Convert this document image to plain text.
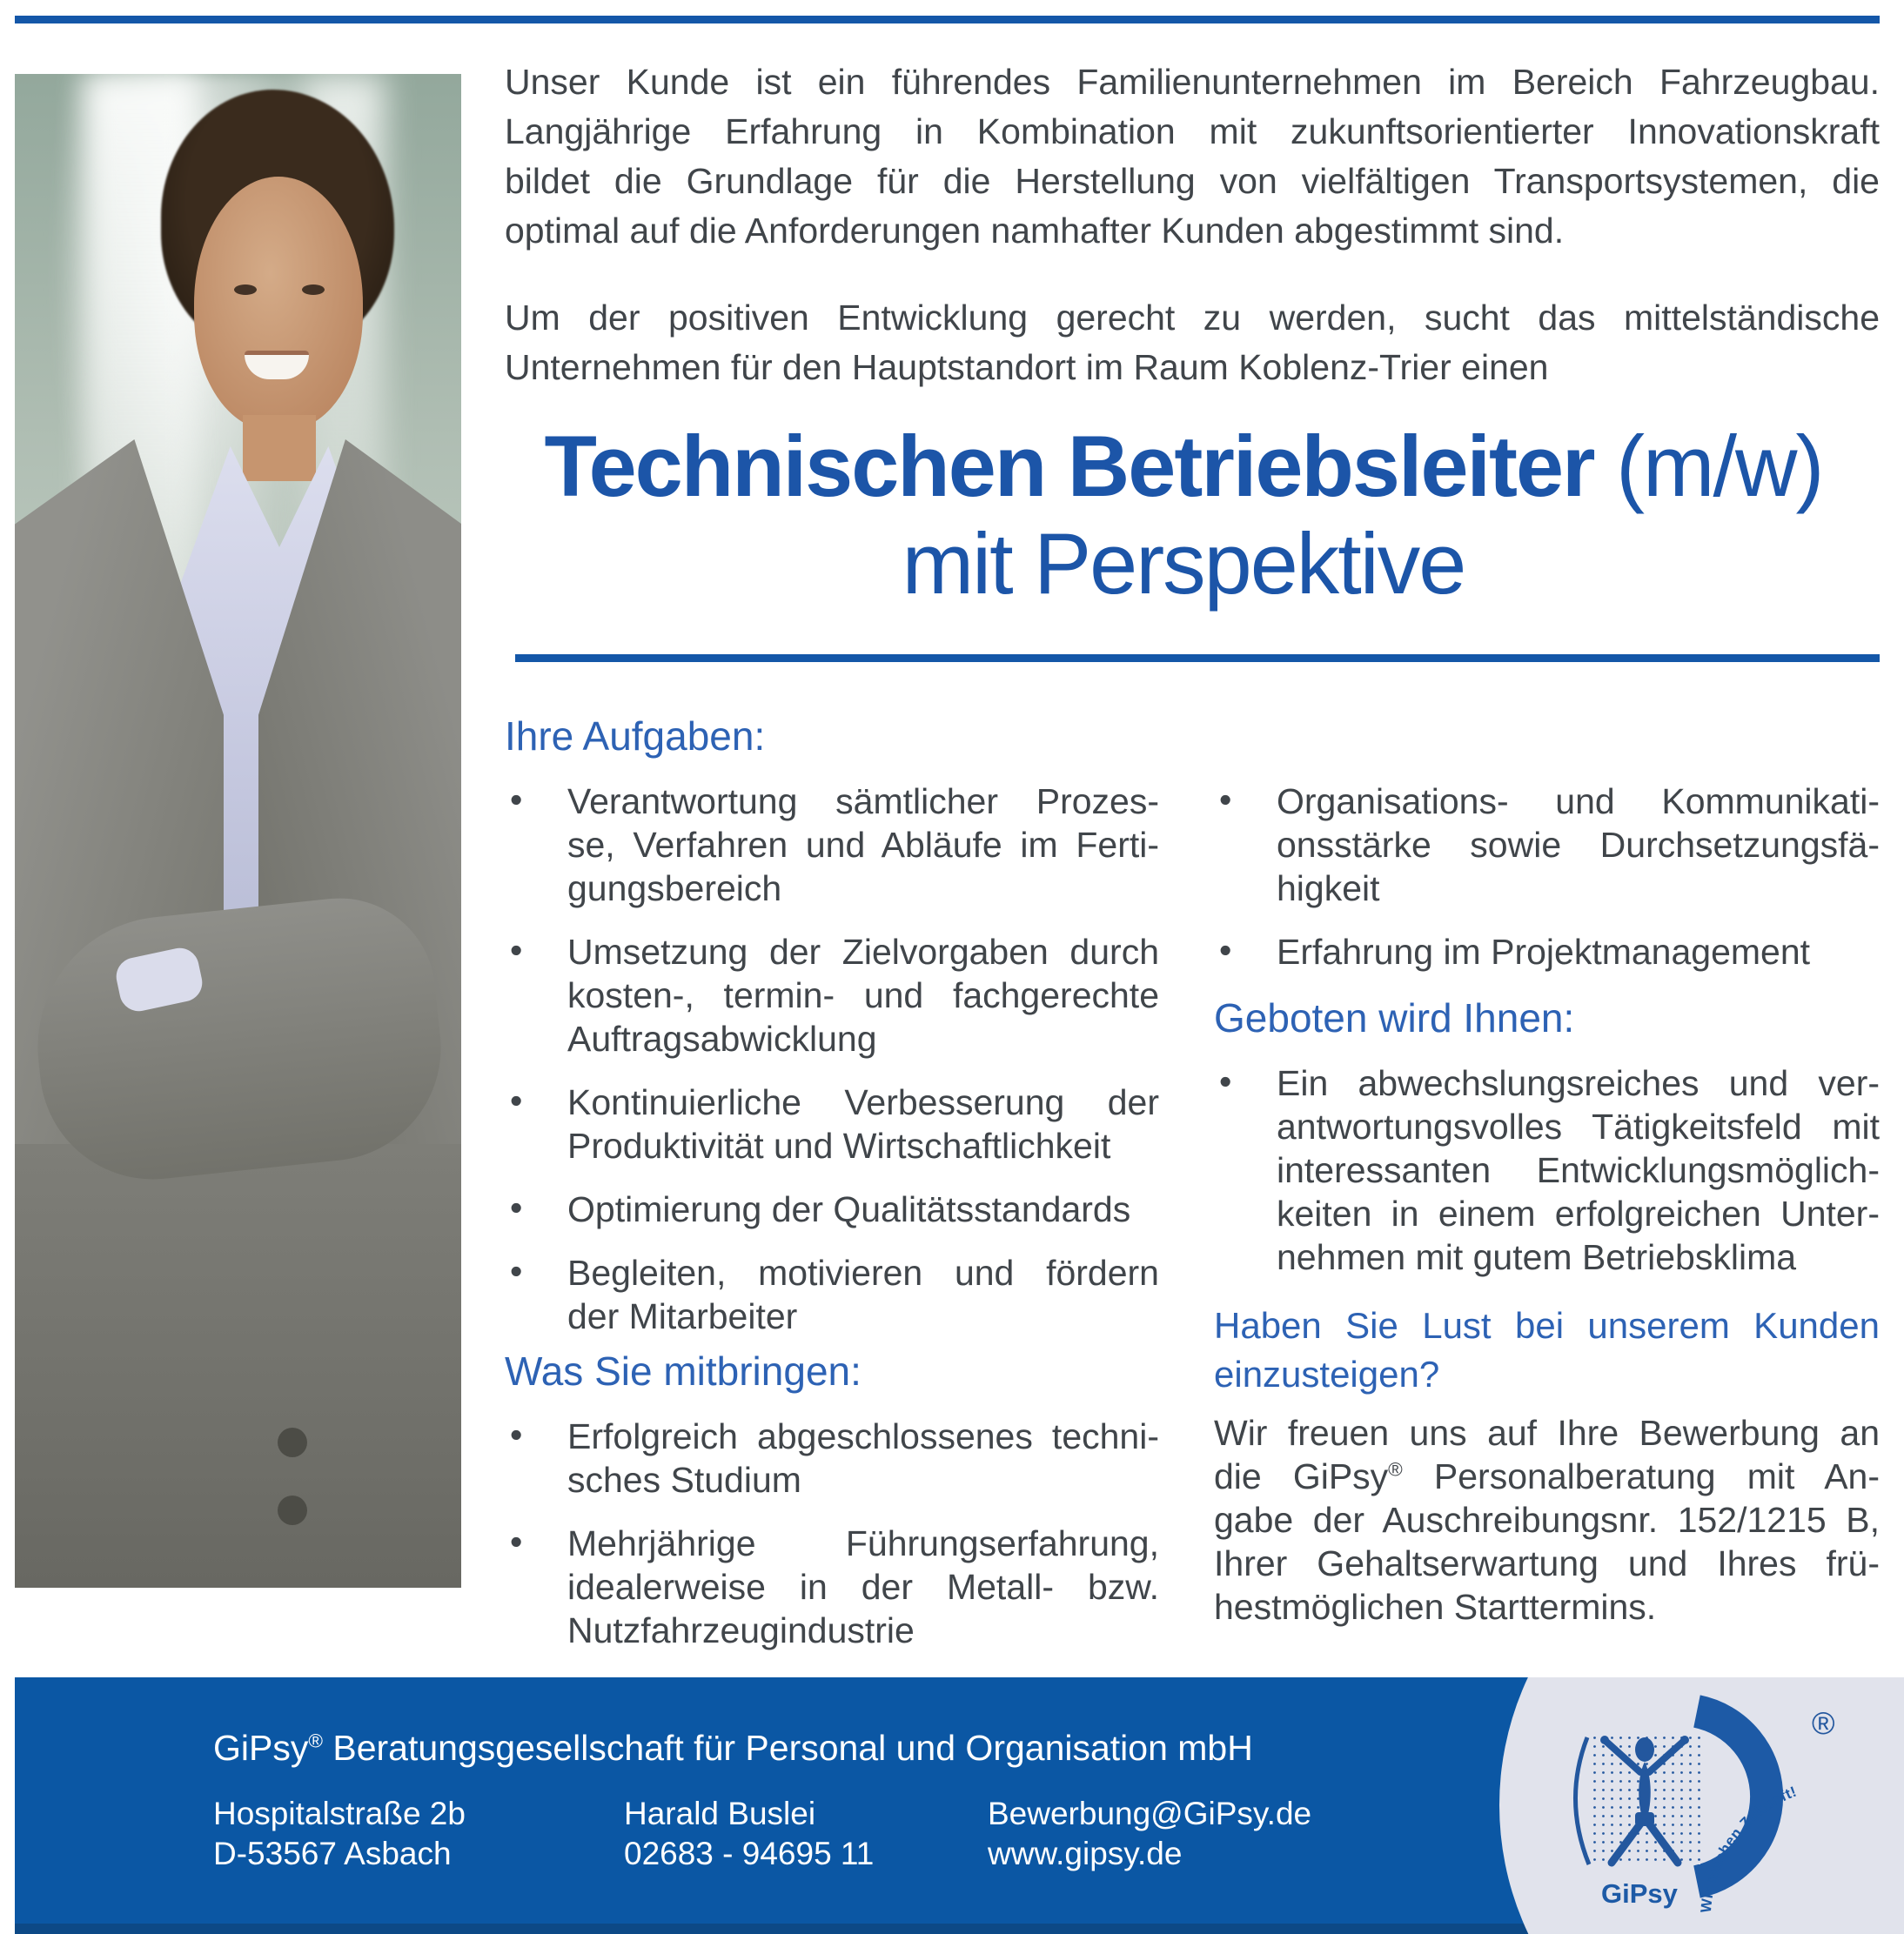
Unser Kunde ist ein führendes Familienunternehmen im Bereich Fahrzeugbau.
Langjährige Erfahrung in Kombination mit zukunftsorientierter Innovationskraft
bildet die Grundlage für die Herstellung von vielfältigen Transportsystemen, die
optimal auf die Anforderungen namhafter Kunden abgestimmt sind.
Um der positiven Entwicklung gerecht zu werden, sucht das mittelständische
Unternehmen für den Hauptstandort im Raum Koblenz-Trier einen
Technischen Betriebsleiter (m/w)
mit Perspektive
Ihre Aufgaben:
• Verantwortung sämtlicher Prozes-
se, Verfahren und Abläufe im Ferti-
gungsbereich
• Umsetzung der Zielvorgaben durch
kosten-, termin- und fachgerechte
Auftragsabwicklung
• Kontinuierliche Verbesserung der
Produktivität und Wirtschaftlichkeit
• Optimierung der Qualitätsstandards
• Begleiten, motivieren und fördern
der Mitarbeiter
Was Sie mitbringen:
• Erfolgreich abgeschlossenes techni-
sches Studium
• Mehrjährige Führungserfahrung,
idealerweise in der Metall- bzw.
Nutzfahrzeugindustrie
• Organisations- und Kommunikati-
onsstärke sowie Durchsetzungsfä-
higkeit
• Erfahrung im Projektmanagement
Geboten wird Ihnen:
• Ein abwechslungsreiches und ver-
antwortungsvolles Tätigkeitsfeld mit
interessanten Entwicklungsmöglich-
keiten in einem erfolgreichen Unter-
nehmen mit gutem Betriebsklima
Haben Sie Lust bei unserem Kunden
einzusteigen?
Wir freuen uns auf Ihre Bewerbung an
die GiPsy® Personalberatung mit An-
gabe der Auschreibungsnr. 152/1215 B,
Ihrer Gehaltserwartung und Ihres frü-
hestmöglichen Starttermins.
GiPsy® Beratungsgesellschaft für Personal und Organisation mbH
Hospitalstraße 2b
D-53567 Asbach
Harald Buslei
02683 - 94695 11
Bewerbung@GiPsy.de
www.gipsy.de
GiPsy Wir machen Zukunft!
®
